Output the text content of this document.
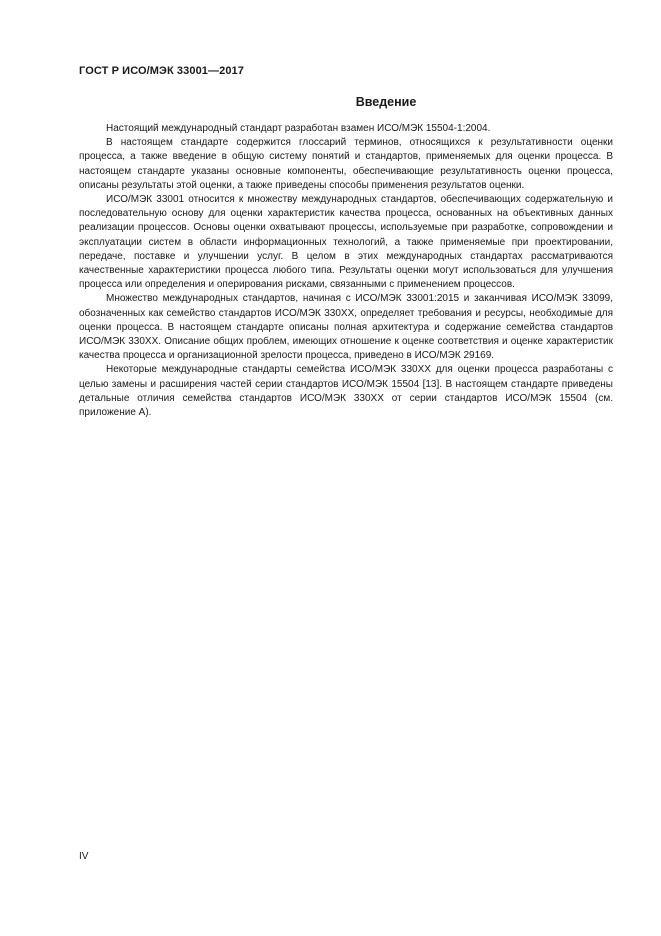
ГОСТ Р ИСО/МЭК 33001—2017
Введение

Настоящий международный стандарт разработан взамен ИСО/МЭК 15504-1:2004.

В настоящем стандарте содержится глоссарий терминов, относящихся к результативности оценки процесса, а также введение в общую систему понятий и стандартов, применяемых для оценки процесса. В настоящем стандарте указаны основные компоненты, обеспечивающие результативность оценки процесса, описаны результаты этой оценки, а также приведены способы применения результатов оценки.

ИСО/МЭК 33001 относится к множеству международных стандартов, обеспечивающих содержательную и последовательную основу для оценки характеристик качества процесса, основанных на объективных данных реализации процессов. Основы оценки охватывают процессы, используемые при разработке, сопровождении и эксплуатации систем в области информационных технологий, а также применяемые при проектировании, передаче, поставке и улучшении услуг. В целом в этих международных стандартах рассматриваются качественные характеристики процесса любого типа. Результаты оценки могут использоваться для улучшения процесса или определения и оперирования рисками, связанными с применением процессов.

Множество международных стандартов, начиная с ИСО/МЭК 33001:2015 и заканчивая ИСО/МЭК 33099, обозначенных как семейство стандартов ИСО/МЭК 330XX, определяет требования и ресурсы, необходимые для оценки процесса. В настоящем стандарте описаны полная архитектура и содержание семейства стандартов ИСО/МЭК 330XX. Описание общих проблем, имеющих отношение к оценке соответствия и оценке характеристик качества процесса и организационной зрелости процесса, приведено в ИСО/МЭК 29169.

Некоторые международные стандарты семейства ИСО/МЭК 330XX для оценки процесса разработаны с целью замены и расширения частей серии стандартов ИСО/МЭК 15504 [13]. В настоящем стандарте приведены детальные отличия семейства стандартов ИСО/МЭК 330XX от серии стандартов ИСО/МЭК 15504 (см. приложение А).

IV
